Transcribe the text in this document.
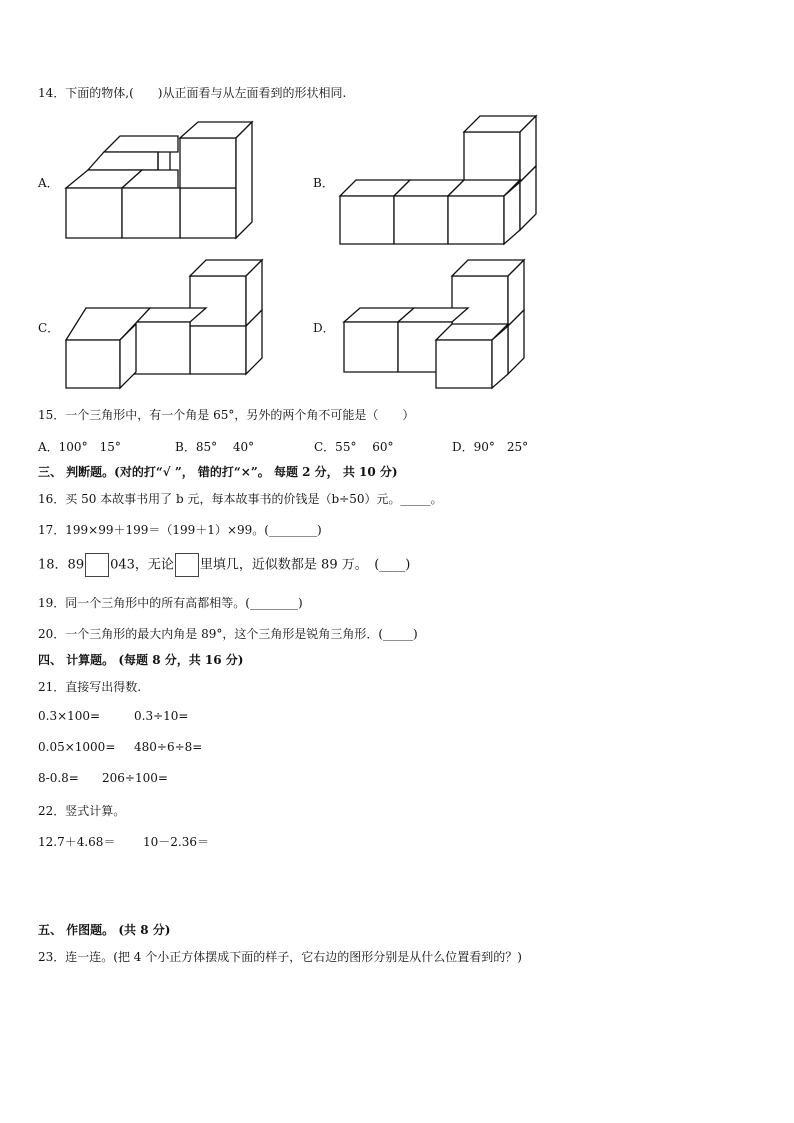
14．下面的物体,(　　)从正面看与从左面看到的形状相同.
A．	B．
C．	D．
15．一个三角形中，有一个角是 65°，另外的两个角不可能是（　　）
A．100°　15°	B．85°　 40°	C．55°　 60°	D．90°　25°
三、 判断题。(对的打“√ ”， 错的打“×”。 每题 2 分， 共 10 分)
16．买 50 本故事书用了 b 元，每本故事书的价钱是（b÷50）元。_____。
17．199×99＋199＝（199＋1）×99。(________)
18．89 043，无论 里填几，近似数都是 89 万。　(____)
19．同一个三角形中的所有高都相等。(________)
20．一个三角形的最大内角是 89°，这个三角形是锐角三角形．(_____)
四、 计算题。 (每题 8 分，共 16 分)
21．直接写出得数.
0.3×100=	0.3÷10=
0.05×1000= 480÷6÷8=
8-0.8= 206÷100=
22．竖式计算。
12.7＋4.68＝ 10－2.36＝
五、 作图题。 (共 8 分)
23．连一连。(把 4 个小正方体摆成下面的样子，它右边的图形分别是从什么位置看到的？)
